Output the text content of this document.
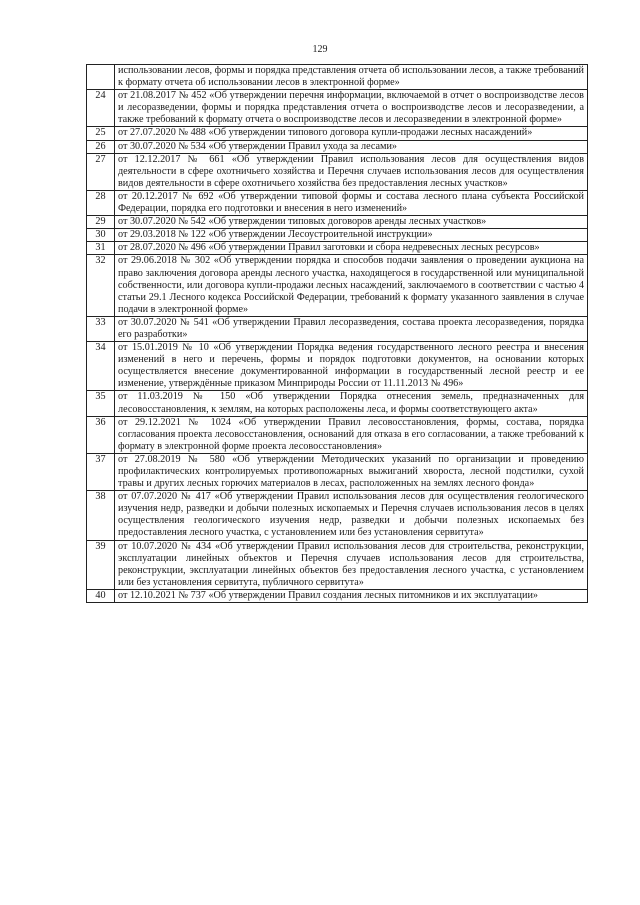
129
	использовании лесов, формы и порядка представления отчета об использовании лесов, а также требований к формату отчета об использовании лесов в электронной форме»
24	от 21.08.2017 № 452 «Об утверждении перечня информации, включаемой в отчет о воспроизводстве лесов и лесоразведении, формы и порядка представления отчета о воспроизводстве лесов и лесоразведении, а также требований к формату отчета о воспроизводстве лесов и лесоразведении в электронной форме»
25	от 27.07.2020 № 488 «Об утверждении типового договора купли-продажи лесных насаждений»
26	от 30.07.2020 № 534 «Об утверждении Правил ухода за лесами»
27	от 12.12.2017 № 661 «Об утверждении Правил использования лесов для осуществления видов деятельности в сфере охотничьего хозяйства и Перечня случаев использования лесов для осуществления видов деятельности в сфере охотничьего хозяйства без предоставления лесных участков»
28	от 20.12.2017 № 692 «Об утверждении типовой формы и состава лесного плана субъекта Российской Федерации, порядка его подготовки и внесения в него изменений»
29	от 30.07.2020 № 542 «Об утверждении типовых договоров аренды лесных участков»
30	от 29.03.2018 № 122 «Об утверждении Лесоустроительной инструкции»
31	от 28.07.2020 № 496 «Об утверждении Правил заготовки и сбора недревесных лесных ресурсов»
32	от 29.06.2018 № 302 «Об утверждении порядка и способов подачи заявления о проведении аукциона на право заключения договора аренды лесного участка, находящегося в государственной или муниципальной собственности, или договора купли-продажи лесных насаждений, заключаемого в соответствии с частью 4 статьи 29.1 Лесного кодекса Российской Федерации, требований к формату указанного заявления в случае подачи в электронной форме»
33	от 30.07.2020 № 541 «Об утверждении Правил лесоразведения, состава проекта лесоразведения, порядка его разработки»
34	от 15.01.2019 № 10 «Об утверждении Порядка ведения государственного лесного реестра и внесения изменений в него и перечень, формы и порядок подготовки документов, на основании которых осуществляется внесение документированной информации в государственный лесной реестр и ее изменение, утверждённые приказом Минприроды России от 11.11.2013 № 496»
35	от 11.03.2019 № 150 «Об утверждении Порядка отнесения земель, предназначенных для лесовосстановления, к землям, на которых расположены леса, и формы соответствующего акта»
36	от 29.12.2021 № 1024 «Об утверждении Правил лесовосстановления, формы, состава, порядка согласования проекта лесовосстановления, оснований для отказа в его согласовании, а также требований к формату в электронной форме проекта лесовосстановления»
37	от 27.08.2019 № 580 «Об утверждении Методических указаний по организации и проведению профилактических контролируемых противопожарных выжиганий хвороста, лесной подстилки, сухой травы и других лесных горючих материалов в лесах, расположенных на землях лесного фонда»
38	от 07.07.2020 № 417 «Об утверждении Правил использования лесов для осуществления геологического изучения недр, разведки и добычи полезных ископаемых и Перечня случаев использования лесов в целях осуществления геологического изучения недр, разведки и добычи полезных ископаемых без предоставления лесного участка, с установлением или без установления сервитута»
39	от 10.07.2020 № 434 «Об утверждении Правил использования лесов для строительства, реконструкции, эксплуатации линейных объектов и Перечня случаев использования лесов для строительства, реконструкции, эксплуатации линейных объектов без предоставления лесного участка, с установлением или без установления сервитута, публичного сервитута»
40	от 12.10.2021 № 737 «Об утверждении Правил создания лесных питомников и их эксплуатации»
